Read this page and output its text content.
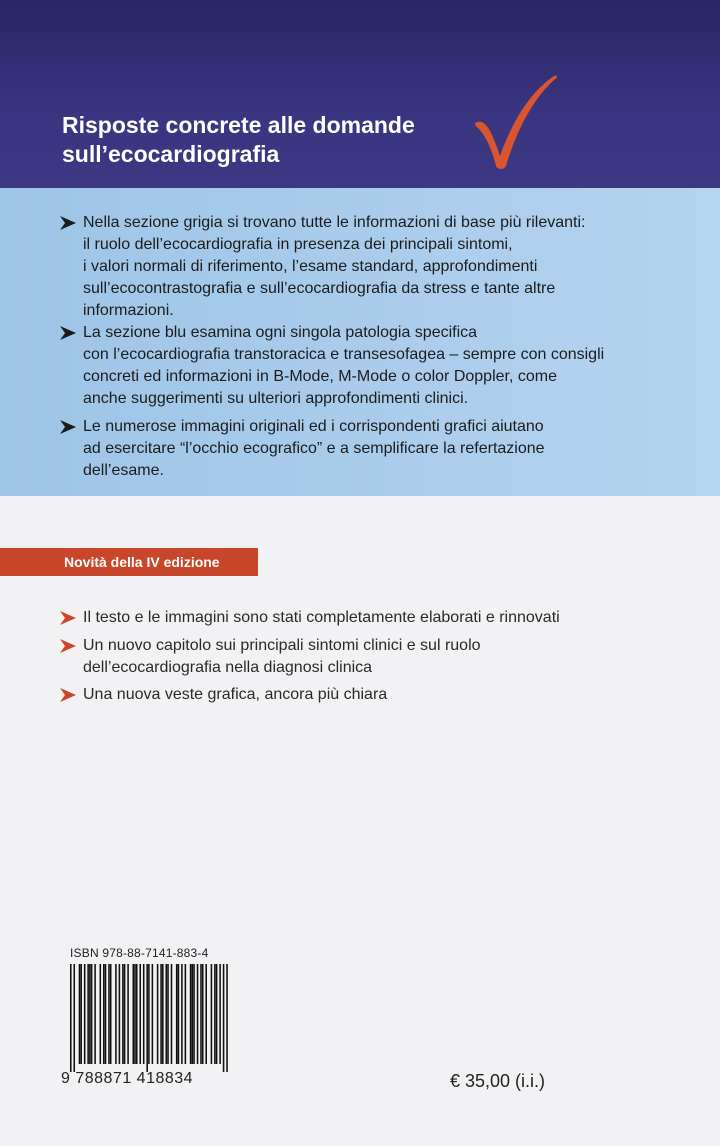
Risposte concrete alle domande
sull’ecocardiografia
Nella sezione grigia si trovano tutte le informazioni di base più rilevanti:
il ruolo dell’ecocardiografia in presenza dei principali sintomi,
i valori normali di riferimento, l’esame standard, approfondimenti
sull’ecocontrastografia e sull’ecocardiografia da stress e tante altre
informazioni.
La sezione blu esamina ogni singola patologia specifica
con l’ecocardiografia transtoracica e transesofagea – sempre con consigli
concreti ed informazioni in B-Mode, M-Mode o color Doppler, come
anche suggerimenti su ulteriori approfondimenti clinici.
Le numerose immagini originali ed i corrispondenti grafici aiutano
ad esercitare “l’occhio ecografico” e a semplificare la refertazione
dell’esame.
Novità della IV edizione
Il testo e le immagini sono stati completamente elaborati e rinnovati
Un nuovo capitolo sui principali sintomi clinici e sul ruolo
dell’ecocardiografia nella diagnosi clinica
Una nuova veste grafica, ancora più chiara
ISBN 978-88-7141-883-4
9 788871 418834	€ 35,00 (i.i.)
